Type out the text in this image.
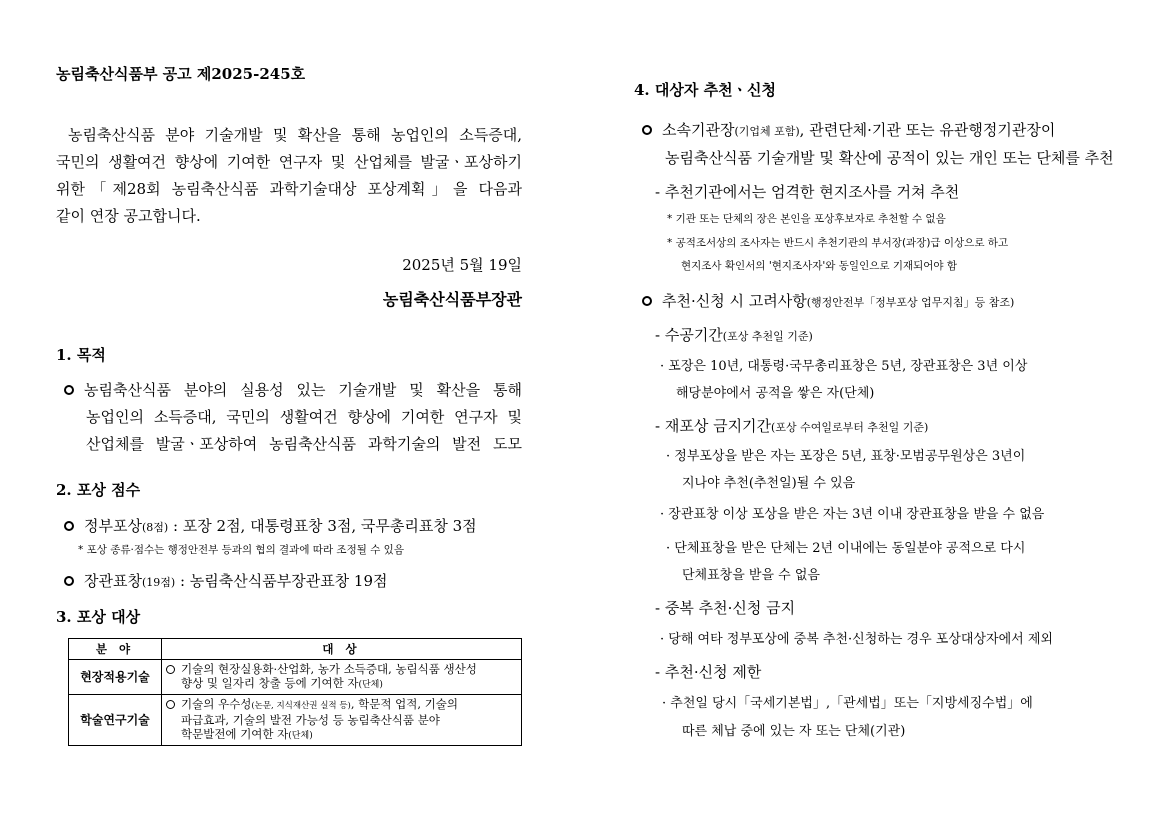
농림축산식품부 공고 제2025-245호
농림축산식품 분야 기술개발 및 확산을 통해 농업인의 소득증대,
국민의 생활여건 향상에 기여한 연구자 및 산업체를 발굴ㆍ포상하기
위한「제28회 농림축산식품 과학기술대상 포상계획」을 다음과
같이 연장 공고합니다.
2025년 5월 19일
농림축산식품부장관
1. 목적
농림축산식품 분야의 실용성 있는 기술개발 및 확산을 통해
농업인의 소득증대, 국민의 생활여건 향상에 기여한 연구자 및
산업체를 발굴ㆍ포상하여 농림축산식품 과학기술의 발전 도모
2. 포상 점수
정부포상(8점) : 포장 2점, 대통령표창 3점, 국무총리표창 3점
* 포상 종류·점수는 행정안전부 등과의 협의 결과에 따라 조정될 수 있음
장관표창(19점) : 농림축산식품부장관표창 19점
3. 포상 대상
분 야	대 상
현장적용기술	기술의 현장실용화·산업화, 농가 소득증대, 농림식품 생산성
향상 및 일자리 창출 등에 기여한 자(단체)

학술연구기술	기술의 우수성(논문, 지식재산권 실적 등), 학문적 업적, 기술의
파급효과, 기술의 발전 가능성 등 농림축산식품 분야
학문발전에 기여한 자(단체)
4. 대상자 추천ㆍ신청
소속기관장(기업체 포함), 관련단체·기관 또는 유관행정기관장이
농림축산식품 기술개발 및 확산에 공적이 있는 개인 또는 단체를 추천
- 추천기관에서는 엄격한 현지조사를 거쳐 추천
* 기관 또는 단체의 장은 본인을 포상후보자로 추천할 수 없음
* 공적조서상의 조사자는 반드시 추천기관의 부서장(과장)급 이상으로 하고
현지조사 확인서의 '현지조사자'와 동일인으로 기재되어야 함
추천·신청 시 고려사항(행정안전부「정부포상 업무지침」등 참조)
- 수공기간(포상 추천일 기준)
· 포장은 10년, 대통령·국무총리표창은 5년, 장관표창은 3년 이상
해당분야에서 공적을 쌓은 자(단체)
- 재포상 금지기간(포상 수여일로부터 추천일 기준)
· 정부포상을 받은 자는 포장은 5년, 표창·모범공무원상은 3년이
지나야 추천(추천일)될 수 있음
· 장관표창 이상 포상을 받은 자는 3년 이내 장관표창을 받을 수 없음
· 단체표창을 받은 단체는 2년 이내에는 동일분야 공적으로 다시
단체표창을 받을 수 없음
- 중복 추천·신청 금지
· 당해 여타 정부포상에 중복 추천·신청하는 경우 포상대상자에서 제외
- 추천·신청 제한
· 추천일 당시「국세기본법」,「관세법」또는「지방세징수법」에
따른 체납 중에 있는 자 또는 단체(기관)
